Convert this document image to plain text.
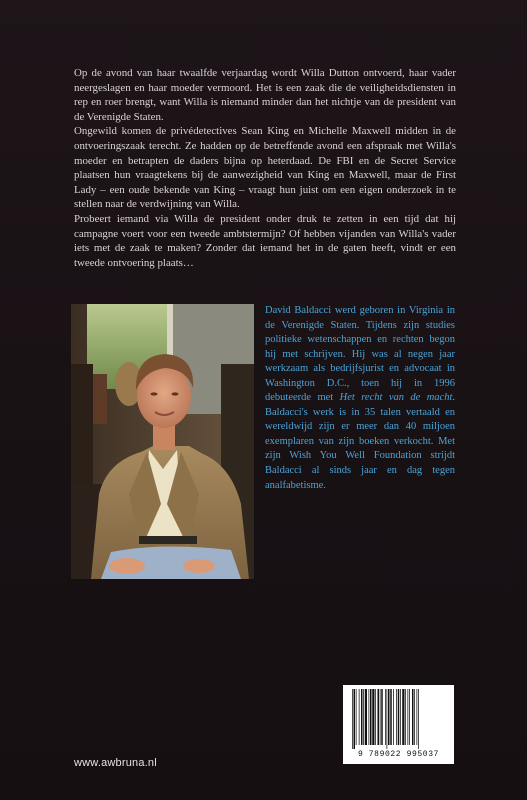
Op de avond van haar twaalfde verjaardag wordt Willa Dutton ontvoerd, haar vader neergeslagen en haar moeder vermoord. Het is een zaak die de veiligheidsdiensten in rep en roer brengt, want Willa is niemand minder dan het nichtje van de president van de Verenigde Staten.

Ongewild komen de privédetectives Sean King en Michelle Maxwell midden in de ontvoeringszaak terecht. Ze hadden op de betreffende avond een afspraak met Willa's moeder en betrapten de daders bijna op heterdaad. De FBI en de Secret Service plaatsen hun vraagtekens bij de aanwezigheid van King en Maxwell, maar de First Lady – een oude bekende van King – vraagt hun juist om een eigen onderzoek in te stellen naar de verdwijning van Willa.

Probeert iemand via Willa de president onder druk te zetten in een tijd dat hij campagne voert voor een tweede ambtstermijn? Of hebben vijanden van Willa's vader iets met de zaak te maken? Zonder dat iemand het in de gaten heeft, vindt er een tweede ontvoering plaats…

David Baldacci werd geboren in Virginia in de Verenigde Staten. Tijdens zijn studies politieke wetenschappen en rechten begon hij met schrijven. Hij was al negen jaar werkzaam als bedrijfsjurist en advocaat in Washington D.C., toen hij in 1996 debuteerde met Het recht van de macht. Baldacci's werk is in 35 talen vertaald en wereldwijd zijn er meer dan 40 miljoen exemplaren van zijn boeken verkocht. Met zijn Wish You Well Foundation strijdt Baldacci al sinds jaar en dag tegen analfabetisme.
www.awbruna.nl
9 789022 995037
